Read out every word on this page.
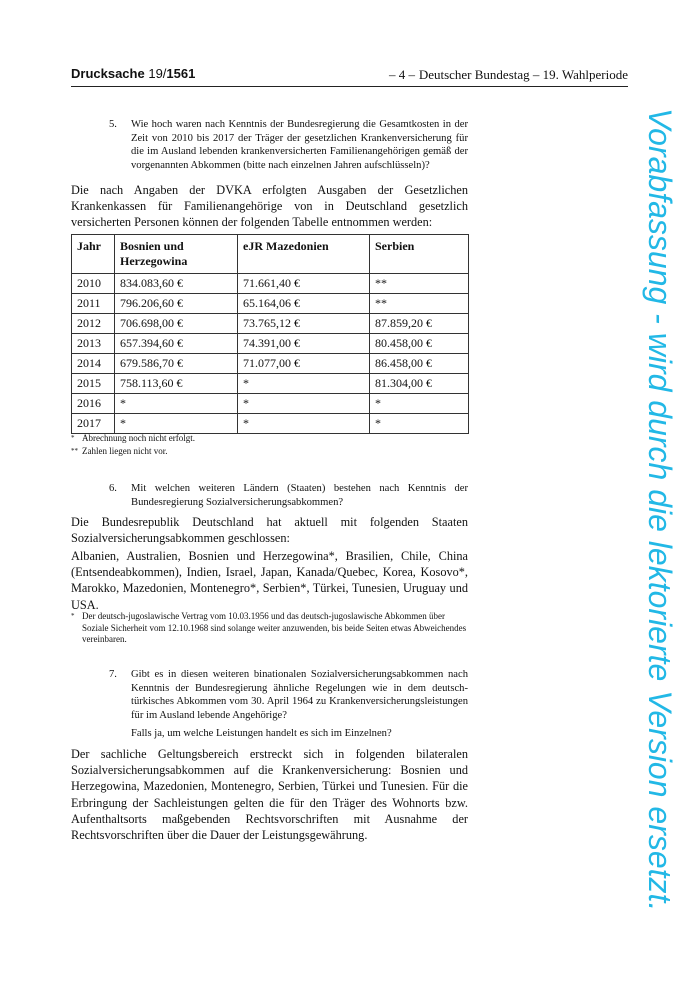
Drucksache 19/1561	– 4 – Deutscher Bundestag – 19. Wahlperiode
5. Wie hoch waren nach Kenntnis der Bundesregierung die Gesamtkosten in der Zeit von 2010 bis 2017 der Träger der gesetzlichen Krankenversicherung für die im Ausland lebenden krankenversicherten Familienangehörigen gemäß der vorgenannten Abkommen (bitte nach einzelnen Jahren aufschlüsseln)?
Die nach Angaben der DVKA erfolgten Ausgaben der Gesetzlichen Krankenkassen für Familienangehörige von in Deutschland gesetzlich versicherten Personen können der folgenden Tabelle entnommen werden:
Jahr	Bosnien und Herzegowina	eJR Mazedonien	Serbien
2010	834.083,60 €	71.661,40 €	**
2011	796.206,60 €	65.164,06 €	**
2012	706.698,00 €	73.765,12 €	87.859,20 €
2013	657.394,60 €	74.391,00 €	80.458,00 €
2014	679.586,70 €	71.077,00 €	86.458,00 €
2015	758.113,60 €	*	81.304,00 €
2016	*	*	*
2017	*	*	*
* Abrechnung noch nicht erfolgt.
** Zahlen liegen nicht vor.
6. Mit welchen weiteren Ländern (Staaten) bestehen nach Kenntnis der Bundesregierung Sozialversicherungsabkommen?
Die Bundesrepublik Deutschland hat aktuell mit folgenden Staaten Sozialversicherungsabkommen geschlossen:
Albanien, Australien, Bosnien und Herzegowina*, Brasilien, Chile, China (Entsendeabkommen), Indien, Israel, Japan, Kanada/Quebec, Korea, Kosovo*, Marokko, Mazedonien, Montenegro*, Serbien*, Türkei, Tunesien, Uruguay und USA.
* Der deutsch-jugoslawische Vertrag vom 10.03.1956 und das deutsch-jugoslawische Abkommen über Soziale Sicherheit vom 12.10.1968 sind solange weiter anzuwenden, bis beide Seiten etwas Abweichendes vereinbaren.
7. Gibt es in diesen weiteren binationalen Sozialversicherungsabkommen nach Kenntnis der Bundesregierung ähnliche Regelungen wie in dem deutsch-türkisches Abkommen vom 30. April 1964 zu Krankenversicherungsleistungen für im Ausland lebende Angehörige?
Falls ja, um welche Leistungen handelt es sich im Einzelnen?
Der sachliche Geltungsbereich erstreckt sich in folgenden bilateralen Sozialversicherungsabkommen auf die Krankenversicherung: Bosnien und Herzegowina, Mazedonien, Montenegro, Serbien, Türkei und Tunesien. Für die Erbringung der Sachleistungen gelten die für den Träger des Wohnorts bzw. Aufenthaltsorts maßgebenden Rechtsvorschriften mit Ausnahme der Rechtsvorschriften über die Dauer der Leistungsgewährung.	Vorabfassung - wird durch die lektorierte Version ersetzt.
